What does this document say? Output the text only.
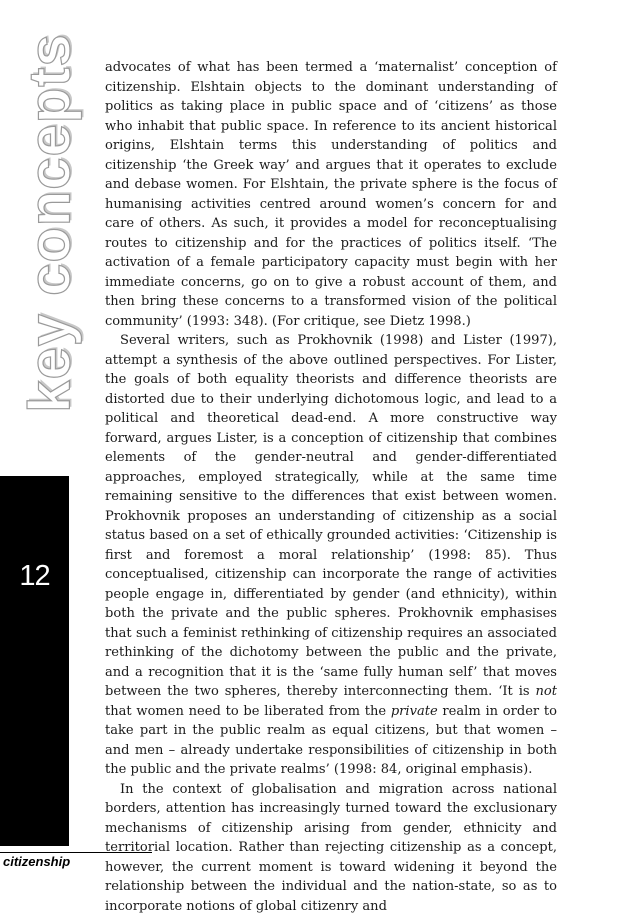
key concepts
12

advocates of what has been termed a ‘maternalist’ conception of citizenship. Elshtain objects to the dominant understanding of politics as taking place in public space and of ‘citizens’ as those who inhabit that public space. In reference to its ancient historical origins, Elshtain terms this understanding of politics and citizenship ‘the Greek way’ and argues that it operates to exclude and debase women. For Elshtain, the private sphere is the focus of humanising activities centred around women’s concern for and care of others. As such, it provides a model for reconceptualising routes to citizenship and for the practices of politics itself. ‘The activation of a female participatory capacity must begin with her immediate concerns, go on to give a robust account of them, and then bring these concerns to a transformed vision of the political community’ (1993: 348). (For critique, see Dietz 1998.)

Several writers, such as Prokhovnik (1998) and Lister (1997), attempt a synthesis of the above outlined perspectives. For Lister, the goals of both equality theorists and difference theorists are distorted due to their underlying dichotomous logic, and lead to a political and theoretical dead-end. A more constructive way forward, argues Lister, is a conception of citizenship that combines elements of the gender-neutral and gender-differentiated approaches, employed strategically, while at the same time remaining sensitive to the differences that exist between women. Prokhovnik proposes an understanding of citizenship as a social status based on a set of ethically grounded activities: ‘Citizenship is first and foremost a moral relationship’ (1998: 85). Thus conceptualised, citizenship can incorporate the range of activities people engage in, differentiated by gender (and ethnicity), within both the private and the public spheres. Prokhovnik emphasises that such a feminist rethinking of citizenship requires an associated rethinking of the dichotomy between the public and the private, and a recognition that it is the ‘same fully human self’ that moves between the two spheres, thereby interconnecting them. ‘It is not that women need to be liberated from the private realm in order to take part in the public realm as equal citizens, but that women – and men – already undertake responsibilities of citizenship in both the public and the private realms’ (1998: 84, original emphasis).

In the context of globalisation and migration across national borders, attention has increasingly turned toward the exclusionary mechanisms of citizenship arising from gender, ethnicity and territorial location. Rather than rejecting citizenship as a concept, however, the current moment is toward widening it beyond the relationship between the individual and the nation-state, so as to incorporate notions of global citizenry and

citizenship
